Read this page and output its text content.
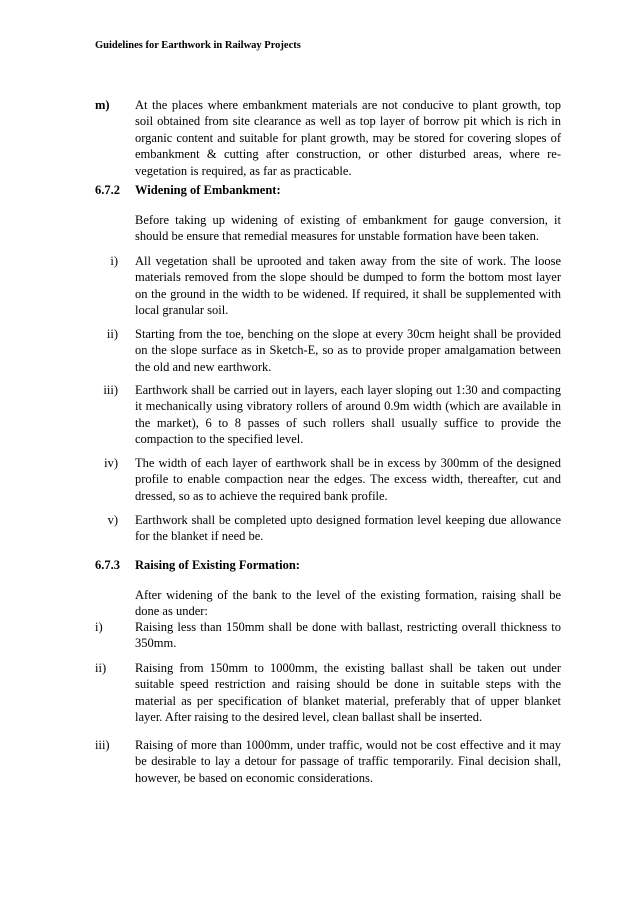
Guidelines for Earthwork in Railway Projects
m) At the places where embankment materials are not conducive to plant growth, top soil obtained from site clearance as well as top layer of borrow pit which is rich in organic content and suitable for plant growth, may be stored for covering slopes of embankment & cutting after construction, or other disturbed areas, where re-vegetation is required, as far as practicable.
6.7.2 Widening of Embankment:
Before taking up widening of existing of embankment for gauge conversion, it should be ensure that remedial measures for unstable formation have been taken.
i) All vegetation shall be uprooted and taken away from the site of work. The loose materials removed from the slope should be dumped to form the bottom most layer on the ground in the width to be widened. If required, it shall be supplemented with local granular soil.
ii) Starting from the toe, benching on the slope at every 30cm height shall be provided on the slope surface as in Sketch-E, so as to provide proper amalgamation between the old and new earthwork.
iii) Earthwork shall be carried out in layers, each layer sloping out 1:30 and compacting it mechanically using vibratory rollers of around 0.9m width (which are available in the market), 6 to 8 passes of such rollers shall usually suffice to provide the compaction to the specified level.
iv) The width of each layer of earthwork shall be in excess by 300mm of the designed profile to enable compaction near the edges. The excess width, thereafter, cut and dressed, so as to achieve the required bank profile.
v) Earthwork shall be completed upto designed formation level keeping due allowance for the blanket if need be.
6.7.3 Raising of Existing Formation:
After widening of the bank to the level of the existing formation, raising shall be done as under:
i)	Raising less than 150mm shall be done with ballast, restricting overall thickness to 350mm.
ii) Raising from 150mm to 1000mm, the existing ballast shall be taken out under suitable speed restriction and raising should be done in suitable steps with the material as per specification of blanket material, preferably that of upper blanket layer. After raising to the desired level, clean ballast shall be inserted.
iii) Raising of more than 1000mm, under traffic, would not be cost effective and it may be desirable to lay a detour for passage of traffic temporarily. Final decision shall, however, be based on economic considerations.
